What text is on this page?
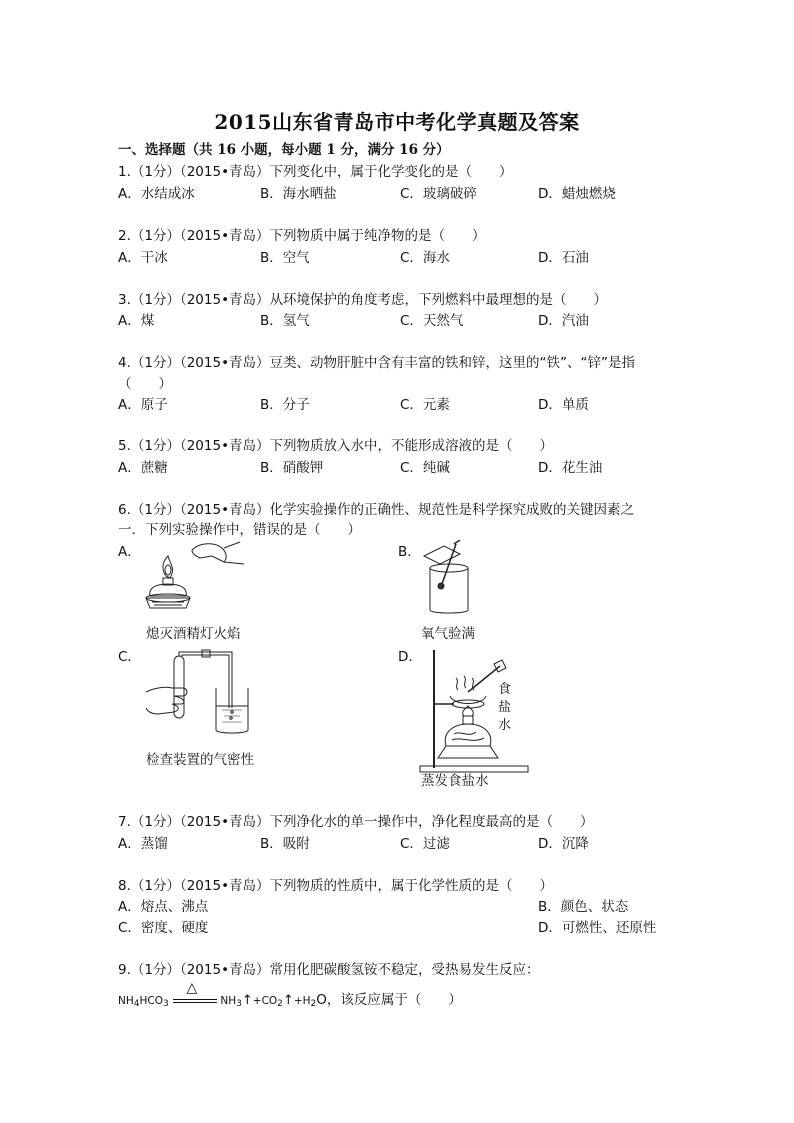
2015山东省青岛市中考化学真题及答案
一、选择题（共 16 小题，每小题 1 分，满分 16 分）
1.（1分）（2015•青岛）下列变化中，属于化学变化的是（　　）
A．水结成冰	B．海水晒盐	C．玻璃破碎	D．蜡烛燃烧
2.（1分）（2015•青岛）下列物质中属于纯净物的是（　　）
A．干冰	B．空气	C．海水	D．石油
3.（1分）（2015•青岛）从环境保护的角度考虑，下列燃料中最理想的是（　　）
A．煤	B．氢气	C．天然气	D．汽油
4.（1分）（2015•青岛）豆类、动物肝脏中含有丰富的铁和锌，这里的“铁”、“锌”是指
（　　）
A．原子	B．分子	C．元素	D．单质
5.（1分）（2015•青岛）下列物质放入水中，不能形成溶液的是（　　）
A．蔗糖	B．硝酸钾	C．纯碱	D．花生油
6.（1分）（2015•青岛）化学实验操作的正确性、规范性是科学探究成败的关键因素之
一．下列实验操作中，错误的是（　　）
A．	B．
熄灭酒精灯火焰	氧气验满
C．	D．
食
盐
水
检查装置的气密性
蒸发食盐水
7.（1分）（2015•青岛）下列净化水的单一操作中，净化程度最高的是（　　）
A．蒸馏	B．吸附	C．过滤	D．沉降
8.（1分）（2015•青岛）下列物质的性质中，属于化学性质的是（　　）
A．熔点、沸点	B．颜色、状态
C．密度、硬度	D．可燃性、还原性
9.（1分）（2015•青岛）常用化肥碳酸氢铵不稳定，受热易发生反应：
$NH_4HCO_3$
△
$NH_3↑+CO_2↑+H_2O$，该反应属于（　　）
